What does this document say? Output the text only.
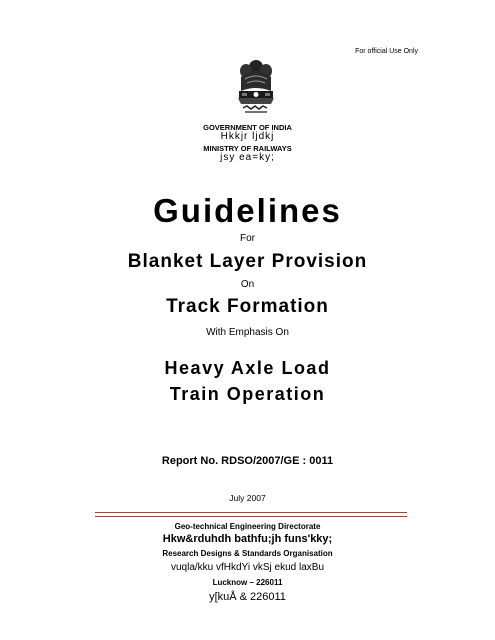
For official Use Only
GOVERNMENT OF INDIA
Hkkjr ljdkj
MINISTRY OF RAILWAYS
jsy ea=ky;
Guidelines
For
Blanket Layer Provision
On
Track Formation
With Emphasis On
Heavy Axle Load
Train Operation
Report No. RDSO/2007/GE : 0011
July 2007
Geo-technical Engineering Directorate
Hkw&rduhdh bathfu;jh funs'kky;
Research Designs & Standards Organisation
vuqla/kku vfHkdYi vkSj ekud laxBu
Lucknow – 226011
y[kuÅ & 226011
